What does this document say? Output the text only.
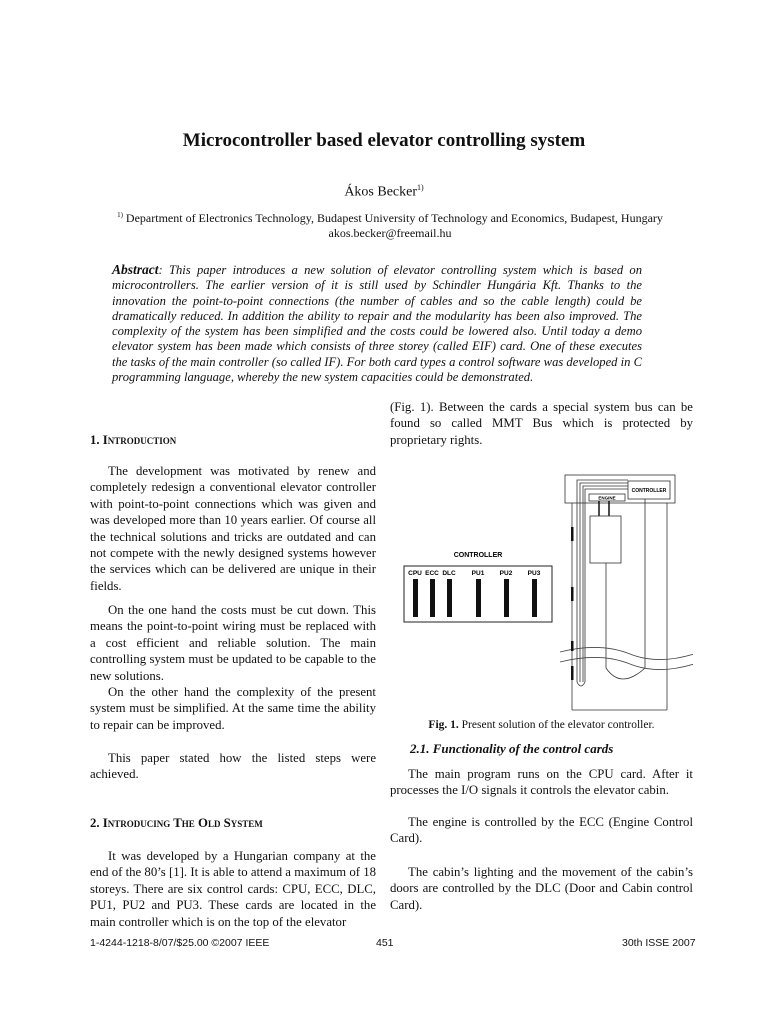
Microcontroller based elevator controlling system
Ákos Becker$^{1)}$
$^{1)}$ Department of Electronics Technology, Budapest University of Technology and Economics, Budapest, Hungary
akos.becker@freemail.hu
Abstract: This paper introduces a new solution of elevator controlling system which is based on microcontrollers. The earlier version of it is still used by Schindler Hungária Kft. Thanks to the innovation the point-to-point connections (the number of cables and so the cable length) could be dramatically reduced. In addition the ability to repair and the modularity has been also improved. The complexity of the system has been simplified and the costs could be lowered also. Until today a demo elevator system has been made which consists of three storey (called EIF) card. One of these executes the tasks of the main controller (so called IF). For both card types a control software was developed in C programming language, whereby the new system capacities could be demonstrated.
1. Introduction

The development was motivated by renew and completely redesign a conventional elevator controller with point-to-point connections which was given and was developed more than 10 years earlier. Of course all the technical solutions and tricks are outdated and can not compete with the newly designed systems however the services which can be delivered are unique in their fields.

On the one hand the costs must be cut down. This means the point-to-point wiring must be replaced with a cost efficient and reliable solution. The main controlling system must be updated to be capable to the new solutions.

On the other hand the complexity of the present system must be simplified. At the same time the ability to repair can be improved.

This paper stated how the listed steps were achieved.

2. Introducing The Old System

It was developed by a Hungarian company at the end of the 80’s [1]. It is able to attend a maximum of 18 storeys. There are six control cards: CPU, ECC, DLC, PU1, PU2 and PU3. These cards are located in the main controller which is on the top of the elevator

(Fig. 1). Between the cards a special system bus can be found so called MMT Bus which is protected by proprietary rights.

CONTROLLER
CPU ECC DLC PU1 PU2 PU3
CONTROLLER
ENGINE
Fig. 1. Present solution of the elevator controller.
2.1. Functionality of the control cards

The main program runs on the CPU card. After it processes the I/O signals it controls the elevator cabin.

The engine is controlled by the ECC (Engine Control Card).

The cabin’s lighting and the movement of the cabin’s doors are controlled by the DLC (Door and Cabin control Card).

1-4244-1218-8/07/$25.00 ©2007 IEEE	451	30th ISSE 2007
